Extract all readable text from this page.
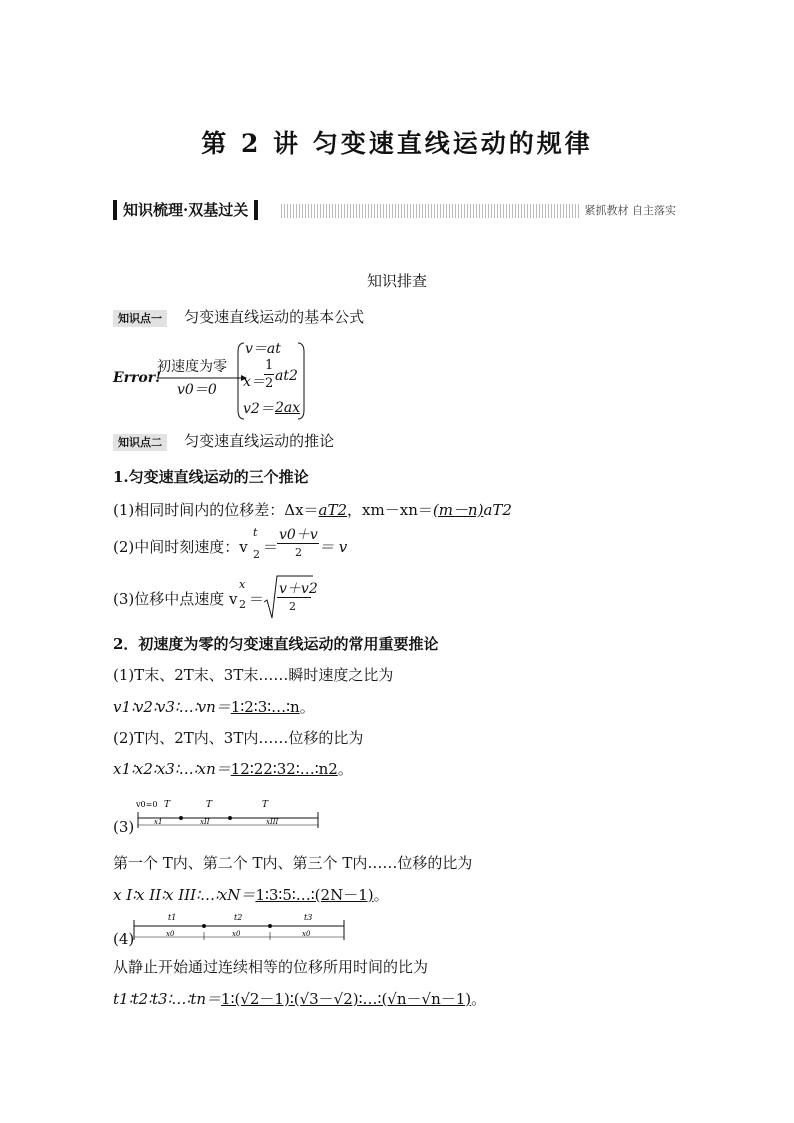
第 2 讲 匀变速直线运动的规律
知识梳理·双基过关	紧抓教材 自主落实
知识排查
知识点一 匀变速直线运动的基本公式
Error!
初速度为零
v0＝0
v＝at
x＝
1
2 at2
v2＝ 2ax
知识点二 匀变速直线运动的推论
1.匀变速直线运动的三个推论
(1)相同时间内的位移差：Δx＝aT2，xm－xn＝(m－n)aT2
(2)中间时刻速度：v
t
2 ＝
v0＋v
2 ＝ v
(3)位移中点速度 v
x
2 ＝
v＋v2
2
2．初速度为零的匀变速直线运动的常用重要推论
(1)T末、2T末、3T末……瞬时速度之比为
v1∶v2∶v3∶…∶vn＝1∶2∶3∶…∶n。
(2)T内、2T内、3T内……位移的比为
x1∶x2∶x3∶…∶xn＝12∶22∶32∶…∶n2。
(3)
v0=0 T	T	T
x1	xII	xIII
第一个 T内、第二个 T内、第三个 T内……位移的比为
x I∶x II∶x III∶…∶xN＝1∶3∶5∶…∶(2N－1)。
(4)
t1	t2	t3
x0	x0	x0
从静止开始通过连续相等的位移所用时间的比为
t1∶t2∶t3∶…∶tn＝1∶(√2－1)∶(√3－√2)∶…∶(√n－√n－1)。
